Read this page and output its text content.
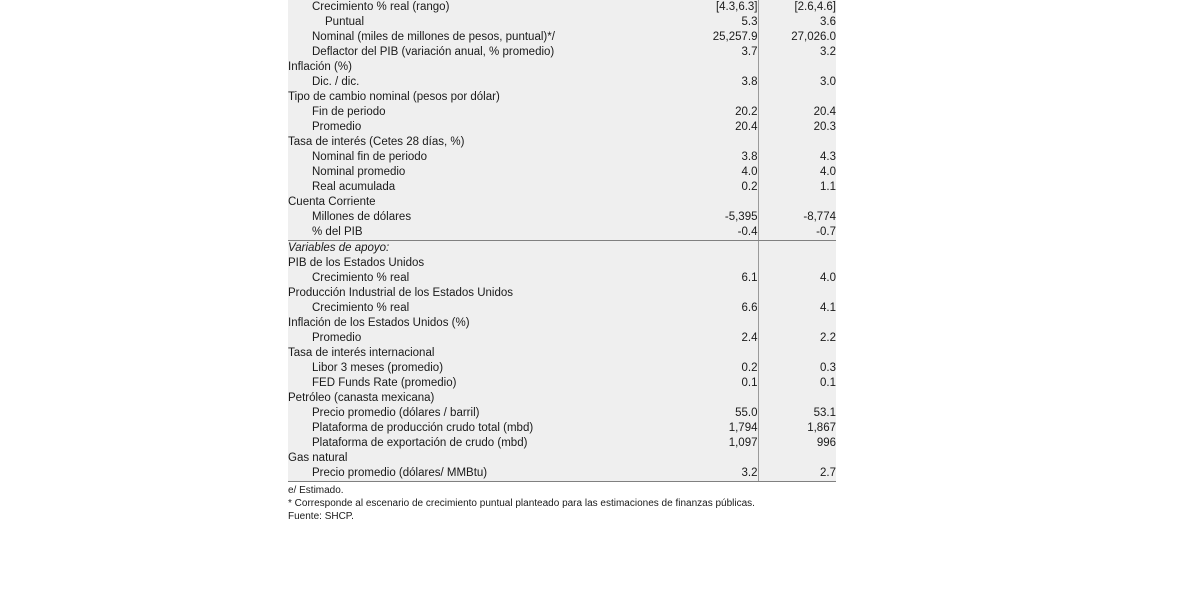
Crecimiento % real (rango)	[4.3,6.3]	[2.6,4.6]
Puntual	5.3	3.6
Nominal (miles de millones de pesos, puntual)*/	25,257.9	27,026.0
Deflactor del PIB (variación anual, % promedio)	3.7	3.2
Inflación (%)		
Dic. / dic.	3.8	3.0
Tipo de cambio nominal (pesos por dólar)		
Fin de periodo	20.2	20.4
Promedio	20.4	20.3
Tasa de interés (Cetes 28 días, %)		
Nominal fin de periodo	3.8	4.3
Nominal promedio	4.0	4.0
Real acumulada	0.2	1.1
Cuenta Corriente		
Millones de dólares	-5,395	-8,774
% del PIB	-0.4	-0.7
Variables de apoyo:		
PIB de los Estados Unidos		
Crecimiento % real	6.1	4.0
Producción Industrial de los Estados Unidos		
Crecimiento % real	6.6	4.1
Inflación de los Estados Unidos (%)		
Promedio	2.4	2.2
Tasa de interés internacional		
Libor 3 meses (promedio)	0.2	0.3
FED Funds Rate (promedio)	0.1	0.1
Petróleo (canasta mexicana)		
Precio promedio (dólares / barril)	55.0	53.1
Plataforma de producción crudo total (mbd)	1,794	1,867
Plataforma de exportación de crudo (mbd)	1,097	996
Gas natural		
Precio promedio (dólares/ MMBtu)	3.2	2.7
e/ Estimado.
* Corresponde al escenario de crecimiento puntual planteado para las estimaciones de finanzas públicas.
Fuente: SHCP.
